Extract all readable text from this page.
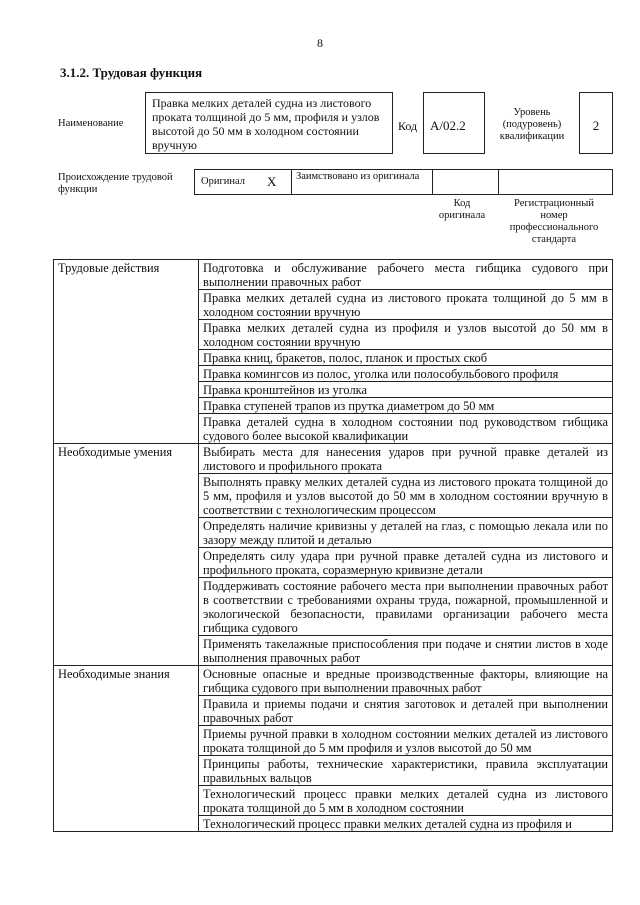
8
3.1.2. Трудовая функция
Наименование
Правка мелких деталей судна из листового проката толщиной до 5 мм, профиля и узлов высотой до 50 мм в холодном состоянии вручную
Код A/02.2
Уровень (подуровень) квалификации
2
Происхождение трудовой функции
Оригинал X	Заимствовано из оригинала
Код оригинала
Регистрационный номер профессионального стандарта
Трудовые действия	Подготовка и обслуживание рабочего места гибщика судового при выполнении правочных работ
	Правка мелких деталей судна из листового проката толщиной до 5 мм в холодном состоянии вручную
	Правка мелких деталей судна из профиля и узлов высотой до 50 мм в холодном состоянии вручную
	Правка книц, бракетов, полос, планок и простых скоб
	Правка комингсов из полос, уголка или полособульбового профиля
	Правка кронштейнов из уголка
	Правка ступеней трапов из прутка диаметром до 50 мм
	Правка деталей судна в холодном состоянии под руководством гибщика судового более высокой квалификации
Необходимые умения	Выбирать места для нанесения ударов при ручной правке деталей из листового и профильного проката
	Выполнять правку мелких деталей судна из листового проката толщиной до 5 мм, профиля и узлов высотой до 50 мм в холодном состоянии вручную в соответствии с технологическим процессом
	Определять наличие кривизны у деталей на глаз, с помощью лекала или по зазору между плитой и деталью
	Определять силу удара при ручной правке деталей судна из листового и профильного проката, соразмерную кривизне детали
	Поддерживать состояние рабочего места при выполнении правочных работ в соответствии с требованиями охраны труда, пожарной, промышленной и экологической безопасности, правилами организации рабочего места гибщика судового
	Применять такелажные приспособления при подаче и снятии листов в ходе выполнения правочных работ
Необходимые знания	Основные опасные и вредные производственные факторы, влияющие на гибщика судового при выполнении правочных работ
	Правила и приемы подачи и снятия заготовок и деталей при выполнении правочных работ
	Приемы ручной правки в холодном состоянии мелких деталей из листового проката толщиной до 5 мм профиля и узлов высотой до 50 мм
	Принципы работы, технические характеристики, правила эксплуатации правильных вальцов
	Технологический процесс правки мелких деталей судна из листового проката толщиной до 5 мм в холодном состоянии
	Технологический процесс правки мелких деталей судна из профиля и
